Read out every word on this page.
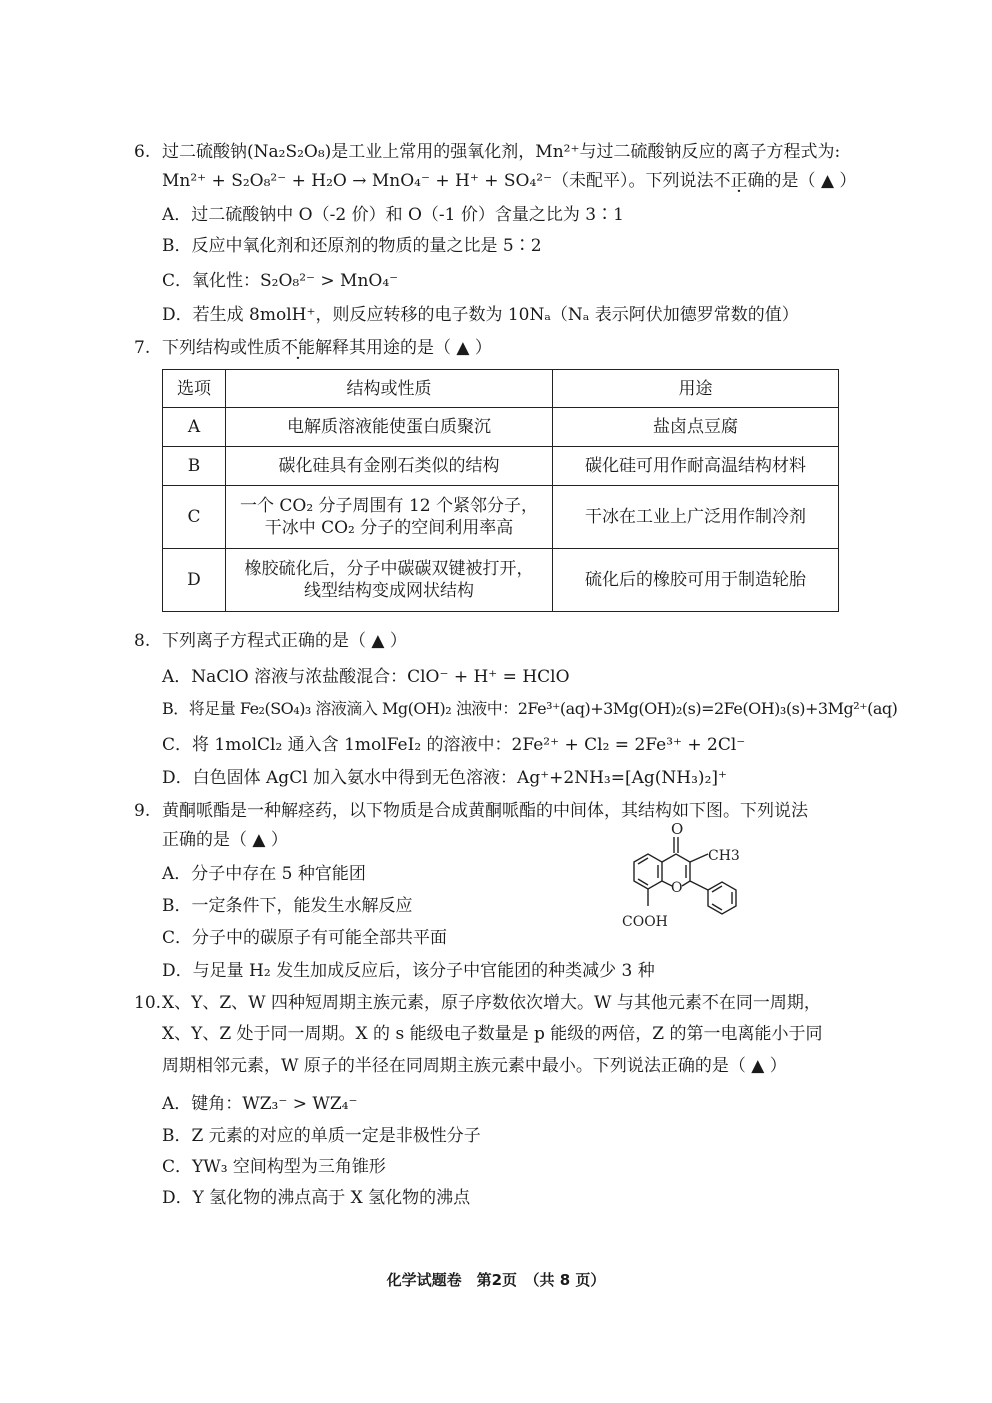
6. 过二硫酸钠(Na₂S₂O₈)是工业上常用的强氧化剂，Mn²⁺与过二硫酸钠反应的离子方程式为:
Mn²⁺ + S₂O₈²⁻ + H₂O → MnO₄⁻ + H⁺ + SO₄²⁻（未配平）。下列说法不正确的是（ ▲ ）
A．过二硫酸钠中 O（-2 价）和 O（-1 价）含量之比为 3∶1
B．反应中氧化剂和还原剂的物质的量之比是 5∶2
C．氧化性：S₂O₈²⁻ > MnO₄⁻
D．若生成 8molH⁺，则反应转移的电子数为 10Nₐ（Nₐ 表示阿伏加德罗常数的值）
7. 下列结构或性质不能解释其用途的是（ ▲ ）
选项	结构或性质	用途
A	电解质溶液能使蛋白质聚沉	盐卤点豆腐
B	碳化硅具有金刚石类似的结构	碳化硅可用作耐高温结构材料
C	一个 CO₂ 分子周围有 12 个紧邻分子，
干冰中 CO₂ 分子的空间利用率高	干冰在工业上广泛用作制冷剂
D	橡胶硫化后，分子中碳碳双键被打开，
线型结构变成网状结构	硫化后的橡胶可用于制造轮胎
8. 下列离子方程式正确的是（ ▲ ）
A．NaClO 溶液与浓盐酸混合：ClO⁻ + H⁺ = HClO
B．将足量 Fe₂(SO₄)₃ 溶液滴入 Mg(OH)₂ 浊液中：2Fe³⁺(aq)+3Mg(OH)₂(s)=2Fe(OH)₃(s)+3Mg²⁺(aq)
C．将 1molCl₂ 通入含 1molFeI₂ 的溶液中：2Fe²⁺ + Cl₂ = 2Fe³⁺ + 2Cl⁻
D．白色固体 AgCl 加入氨水中得到无色溶液：Ag⁺+2NH₃=[Ag(NH₃)₂]⁺
9. 黄酮哌酯是一种解痉药，以下物质是合成黄酮哌酯的中间体，其结构如下图。下列说法
正确的是（ ▲ ）
A．分子中存在 5 种官能团
B．一定条件下，能发生水解反应
C．分子中的碳原子有可能全部共平面
D．与足量 H₂ 发生加成反应后，该分子中官能团的种类减少 3 种
O
CH3
O
COOH
10. X、Y、Z、W 四种短周期主族元素，原子序数依次增大。W 与其他元素不在同一周期，
X、Y、Z 处于同一周期。X 的 s 能级电子数量是 p 能级的两倍，Z 的第一电离能小于同
周期相邻元素，W 原子的半径在同周期主族元素中最小。下列说法正确的是（ ▲ ）
A．键角：WZ₃⁻ > WZ₄⁻
B．Z 元素的对应的单质一定是非极性分子
C．YW₃ 空间构型为三角锥形
D．Y 氢化物的沸点高于 X 氢化物的沸点
化学试题卷　第2页　（共 8 页）
